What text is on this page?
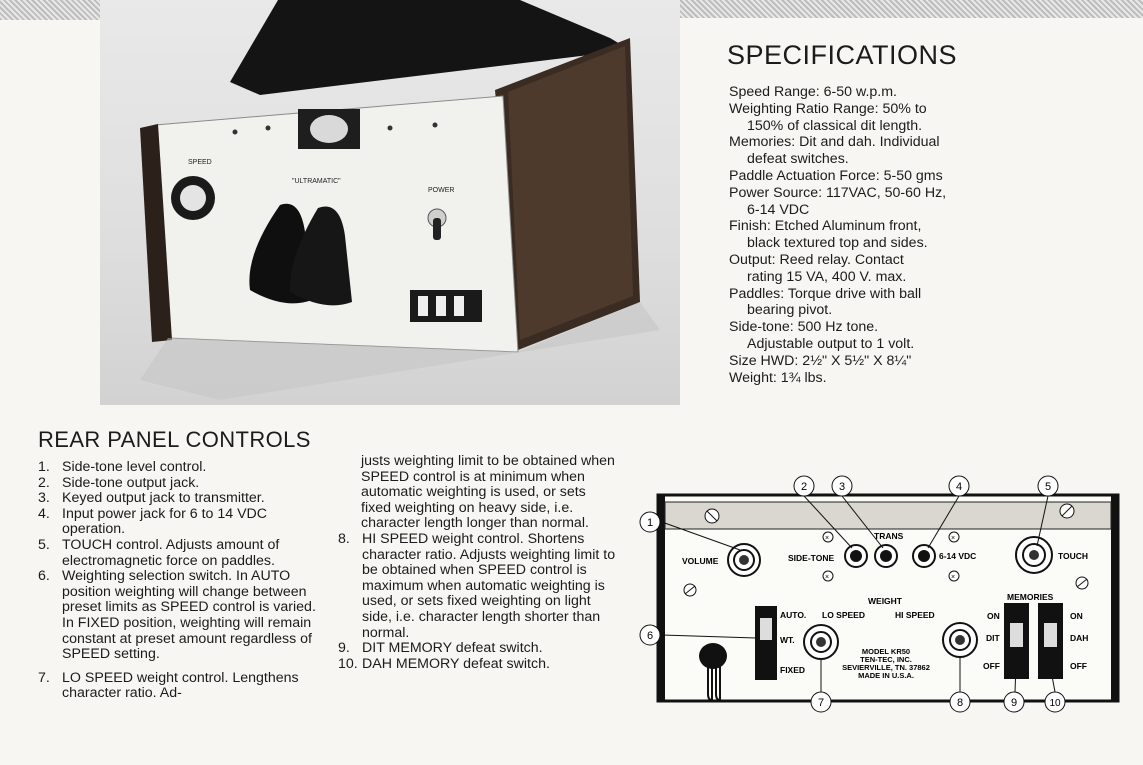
SPEED
"ULTRAMATIC"
POWER
SPECIFICATIONS
Speed Range: 6-50 w.p.m.
Weighting Ratio Range: 50% to
150% of classical dit length.
Memories: Dit and dah. Individual
defeat switches.
Paddle Actuation Force: 5-50 gms
Power Source: 117VAC, 50-60 Hz,
6-14 VDC
Finish: Etched Aluminum front,
black textured top and sides.
Output: Reed relay. Contact
rating 15 VA, 400 V. max.
Paddles: Torque drive with ball
bearing pivot.
Side-tone: 500 Hz tone.
Adjustable output to 1 volt.
Size HWD: 2½" X 5½" X 8¼"
Weight: 1¾ lbs.
REAR PANEL CONTROLS
1. Side-tone level control.
2. Side-tone output jack.
3. Keyed output jack to transmitter.
4. Input power jack for 6 to 14 VDC operation.
5. TOUCH control. Adjusts amount of electromagnetic force on paddles.
6. Weighting selection switch. In AUTO position weighting will change between preset limits as SPEED control is varied. In FIXED position, weighting will remain constant at preset amount regardless of SPEED setting.
7. LO SPEED weight control. Lengthens character ratio. Ad-
justs weighting limit to be obtained when SPEED control is at minimum when automatic weighting is used, or sets fixed weighting on heavy side, i.e. character length longer than normal.
8. HI SPEED weight control. Shortens character ratio. Adjusts weighting limit to be obtained when SPEED control is maximum when automatic weighting is used, or sets fixed weighting on light side, i.e. character length shorter than normal.
9. DIT MEMORY defeat switch.
10. DAH MEMORY defeat switch.
VOLUME	SIDE-TONE
TRANS
6-14 VDC
×
×
×
×
TOUCH
AUTO.
WT.
FIXED
WEIGHT
LO SPEED	HI SPEED
MODEL KR50
TEN-TEC, INC.
SEVIERVILLE, TN. 37862
MADE IN U.S.A.
MEMORIES
ON
DIT
OFF
ON
DAH
OFF
1
2	3	4	5
6
7	8	9	10
